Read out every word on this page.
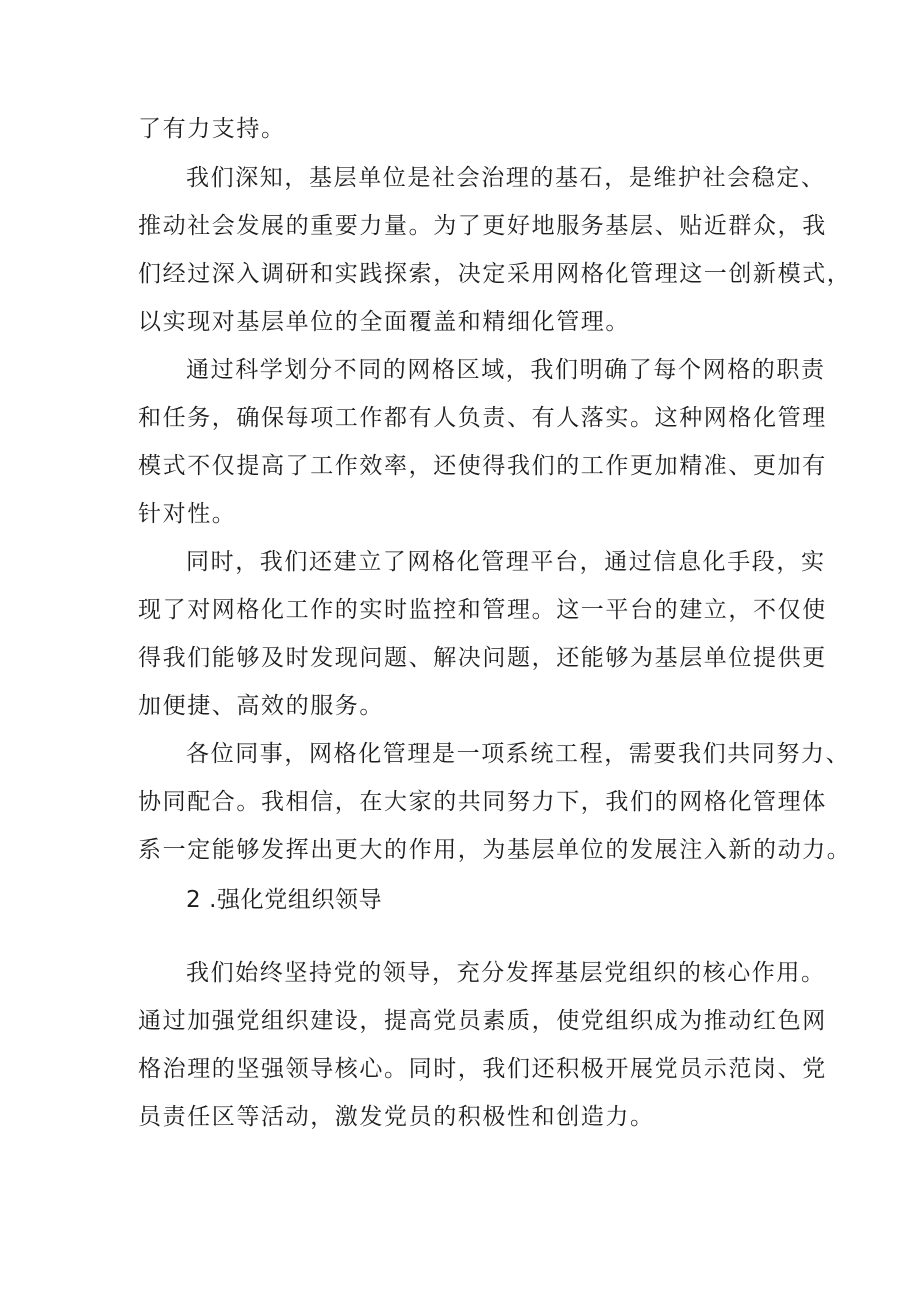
了有力支持。
我们深知，基层单位是社会治理的基石，是维护社会稳定、
推动社会发展的重要力量。为了更好地服务基层、贴近群众，我
们经过深入调研和实践探索，决定采用网格化管理这一创新模式，
以实现对基层单位的全面覆盖和精细化管理。
通过科学划分不同的网格区域，我们明确了每个网格的职责
和任务，确保每项工作都有人负责、有人落实。这种网格化管理
模式不仅提高了工作效率，还使得我们的工作更加精准、更加有
针对性。
同时，我们还建立了网格化管理平台，通过信息化手段，实
现了对网格化工作的实时监控和管理。这一平台的建立，不仅使
得我们能够及时发现问题、解决问题，还能够为基层单位提供更
加便捷、高效的服务。
各位同事，网格化管理是一项系统工程，需要我们共同努力、
协同配合。我相信，在大家的共同努力下，我们的网格化管理体
系一定能够发挥出更大的作用，为基层单位的发展注入新的动力。
2 .强化党组织领导
我们始终坚持党的领导，充分发挥基层党组织的核心作用。
通过加强党组织建设，提高党员素质，使党组织成为推动红色网
格治理的坚强领导核心。同时，我们还积极开展党员示范岗、党
员责任区等活动，激发党员的积极性和创造力。
